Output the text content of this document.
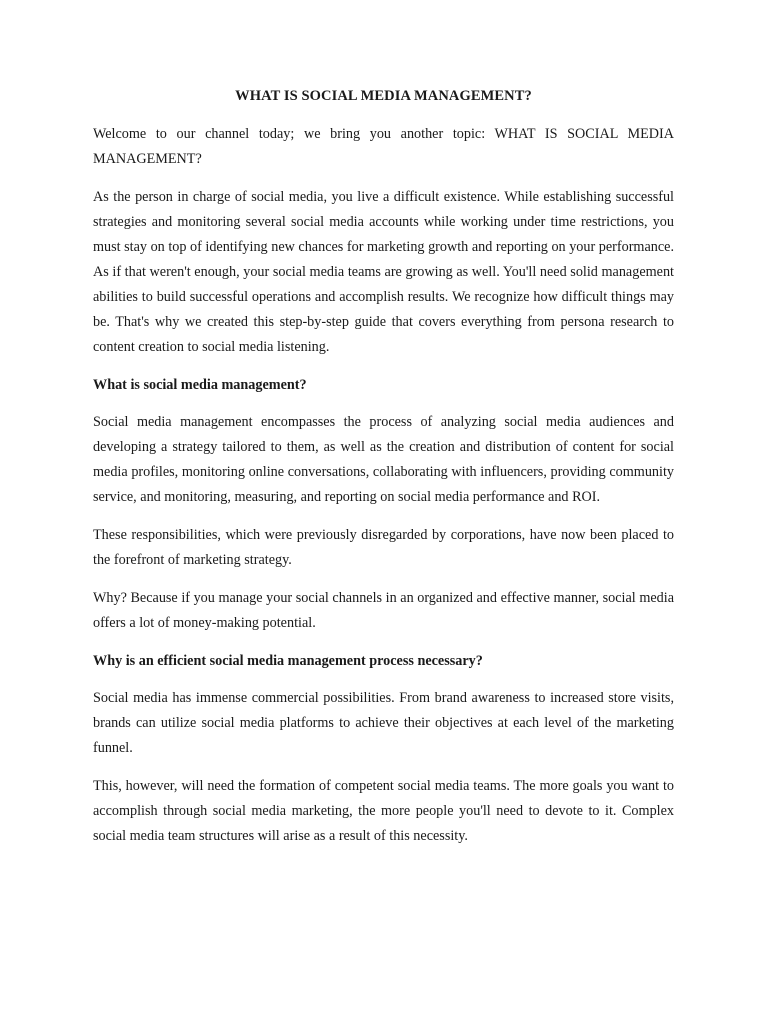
WHAT IS SOCIAL MEDIA MANAGEMENT?

Welcome to our channel today; we bring you another topic: WHAT IS SOCIAL MEDIA MANAGEMENT?

As the person in charge of social media, you live a difficult existence. While establishing successful strategies and monitoring several social media accounts while working under time restrictions, you must stay on top of identifying new chances for marketing growth and reporting on your performance. As if that weren't enough, your social media teams are growing as well. You'll need solid management abilities to build successful operations and accomplish results. We recognize how difficult things may be. That's why we created this step-by-step guide that covers everything from persona research to content creation to social media listening.

What is social media management?

Social media management encompasses the process of analyzing social media audiences and developing a strategy tailored to them, as well as the creation and distribution of content for social media profiles, monitoring online conversations, collaborating with influencers, providing community service, and monitoring, measuring, and reporting on social media performance and ROI.

These responsibilities, which were previously disregarded by corporations, have now been placed to the forefront of marketing strategy.

Why? Because if you manage your social channels in an organized and effective manner, social media offers a lot of money-making potential.

Why is an efficient social media management process necessary?

Social media has immense commercial possibilities. From brand awareness to increased store visits, brands can utilize social media platforms to achieve their objectives at each level of the marketing funnel.

This, however, will need the formation of competent social media teams. The more goals you want to accomplish through social media marketing, the more people you'll need to devote to it. Complex social media team structures will arise as a result of this necessity.
